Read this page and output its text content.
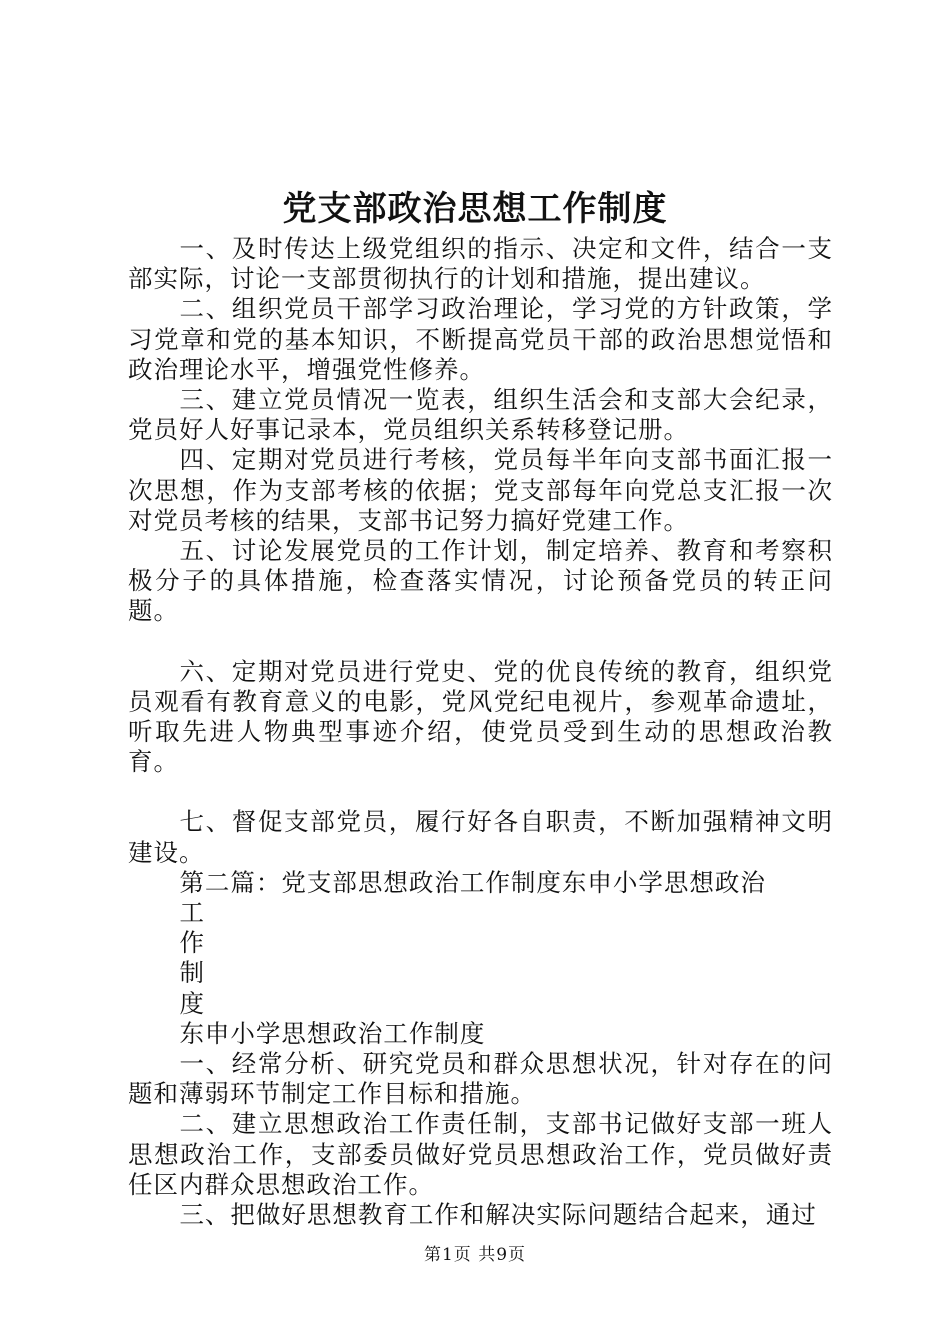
党支部政治思想工作制度

一、及时传达上级党组织的指示、决定和文件，结合一支部实际，讨论一支部贯彻执行的计划和措施，提出建议。

二、组织党员干部学习政治理论，学习党的方针政策，学习党章和党的基本知识，不断提高党员干部的政治思想觉悟和政治理论水平，增强党性修养。

三、建立党员情况一览表，组织生活会和支部大会纪录，党员好人好事记录本，党员组织关系转移登记册。

四、定期对党员进行考核，党员每半年向支部书面汇报一次思想，作为支部考核的依据；党支部每年向党总支汇报一次对党员考核的结果，支部书记努力搞好党建工作。

五、讨论发展党员的工作计划，制定培养、教育和考察积极分子的具体措施，检查落实情况，讨论预备党员的转正问题。

六、定期对党员进行党史、党的优良传统的教育，组织党员观看有教育意义的电影，党风党纪电视片，参观革命遗址，听取先进人物典型事迹介绍，使党员受到生动的思想政治教育。

七、督促支部党员，履行好各自职责，不断加强精神文明建设。

第二篇：党支部思想政治工作制度东申小学思想政治

工

作

制

度

东申小学思想政治工作制度

一、经常分析、研究党员和群众思想状况，针对存在的问题和薄弱环节制定工作目标和措施。

二、建立思想政治工作责任制，支部书记做好支部一班人思想政治工作，支部委员做好党员思想政治工作，党员做好责任区内群众思想政治工作。

三、把做好思想教育工作和解决实际问题结合起来，通过

第1页 共9页
